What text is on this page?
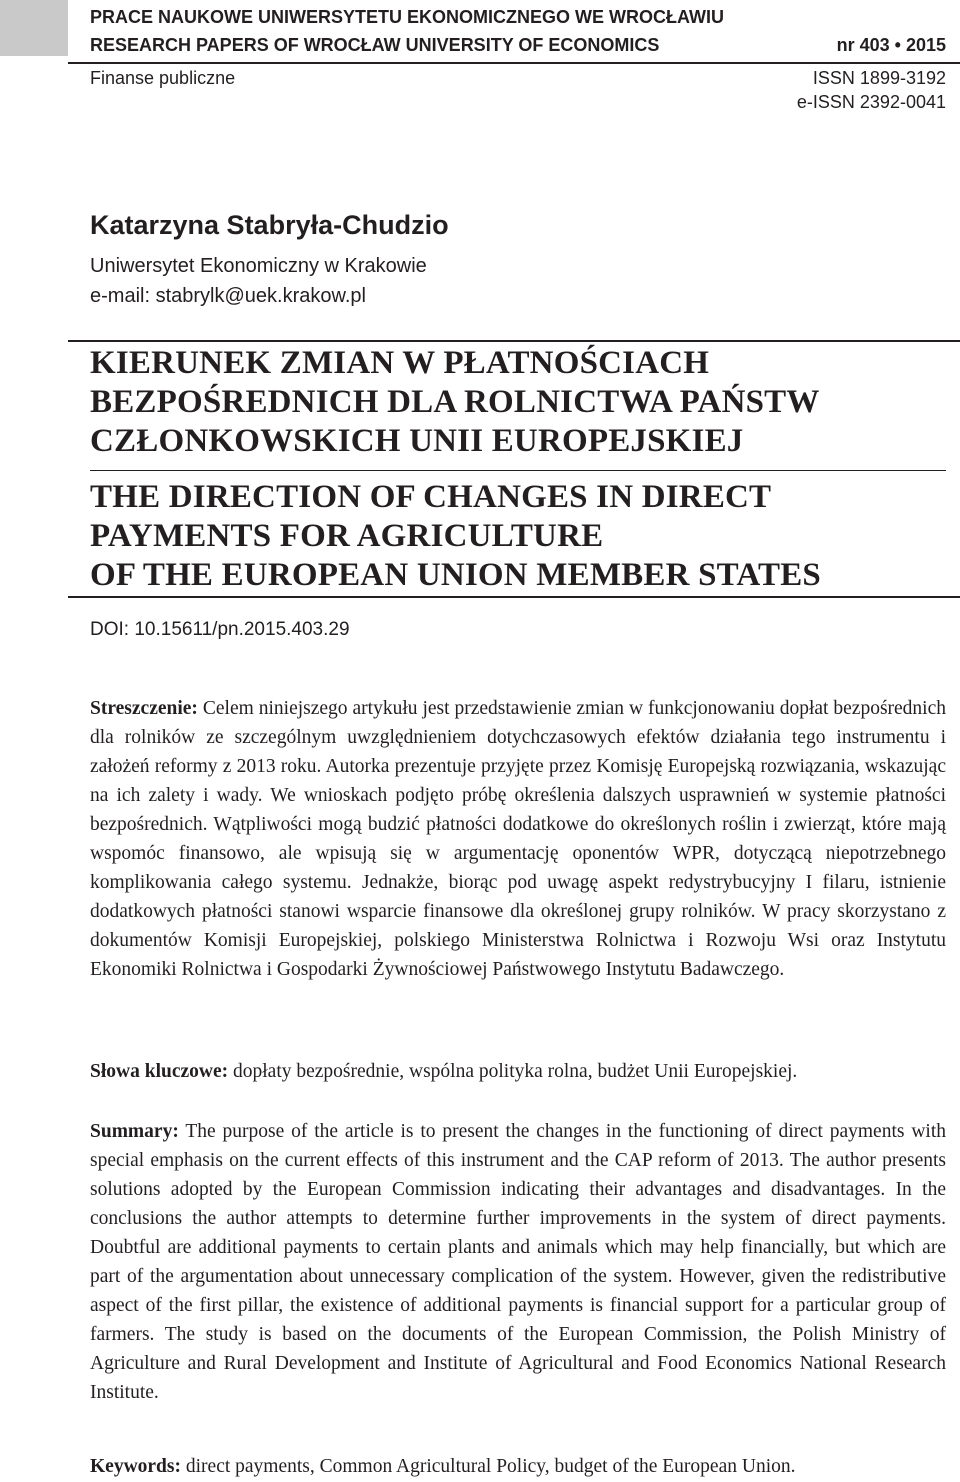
PRACE NAUKOWE UNIWERSYTETU EKONOMICZNEGO WE WROCŁAWIU
RESEARCH PAPERS OF WROCŁAW UNIVERSITY OF ECONOMICS	nr 403 • 2015
Finanse publiczne	ISSN 1899-3192
e-ISSN 2392-0041
Katarzyna Stabryła-Chudzio
Uniwersytet Ekonomiczny w Krakowie
e-mail: stabrylk@uek.krakow.pl
KIERUNEK ZMIAN W PŁATNOŚCIACH
BEZPOŚREDNICH DLA ROLNICTWA PAŃSTW
CZŁONKOWSKICH UNII EUROPEJSKIEJ
THE DIRECTION OF CHANGES IN DIRECT
PAYMENTS FOR AGRICULTURE
OF THE EUROPEAN UNION MEMBER STATES
DOI: 10.15611/pn.2015.403.29
Streszczenie: Celem niniejszego artykułu jest przedstawienie zmian w funkcjonowaniu dopłat bezpośrednich dla rolników ze szczególnym uwzględnieniem dotychczasowych efektów działania tego instrumentu i założeń reformy z 2013 roku. Autorka prezentuje przyjęte przez Komisję Europejską rozwiązania, wskazując na ich zalety i wady. We wnioskach podjęto próbę określenia dalszych usprawnień w systemie płatności bezpośrednich. Wątpliwości mogą budzić płatności dodatkowe do określonych roślin i zwierząt, które mają wspomóc finansowo, ale wpisują się w argumentację oponentów WPR, dotyczącą niepotrzebnego komplikowania całego systemu. Jednakże, biorąc pod uwagę aspekt redystrybucyjny I filaru, istnienie dodatkowych płatności stanowi wsparcie finansowe dla określonej grupy rolników. W pracy skorzystano z dokumentów Komisji Europejskiej, polskiego Ministerstwa Rolnictwa i Rozwoju Wsi oraz Instytutu Ekonomiki Rolnictwa i Gospodarki Żywnościowej Państwowego Instytutu Badawczego.
Słowa kluczowe: dopłaty bezpośrednie, wspólna polityka rolna, budżet Unii Europejskiej.
Summary: The purpose of the article is to present the changes in the functioning of direct payments with special emphasis on the current effects of this instrument and the CAP reform of 2013. The author presents solutions adopted by the European Commission indicating their advantages and disadvantages. In the conclusions the author attempts to determine further improvements in the system of direct payments. Doubtful are additional payments to certain plants and animals which may help financially, but which are part of the argumentation about unnecessary complication of the system. However, given the redistributive aspect of the first pillar, the existence of additional payments is financial support for a particular group of farmers. The study is based on the documents of the European Commission, the Polish Ministry of Agriculture and Rural Development and Institute of Agricultural and Food Economics National Research Institute.
Keywords: direct payments, Common Agricultural Policy, budget of the European Union.
